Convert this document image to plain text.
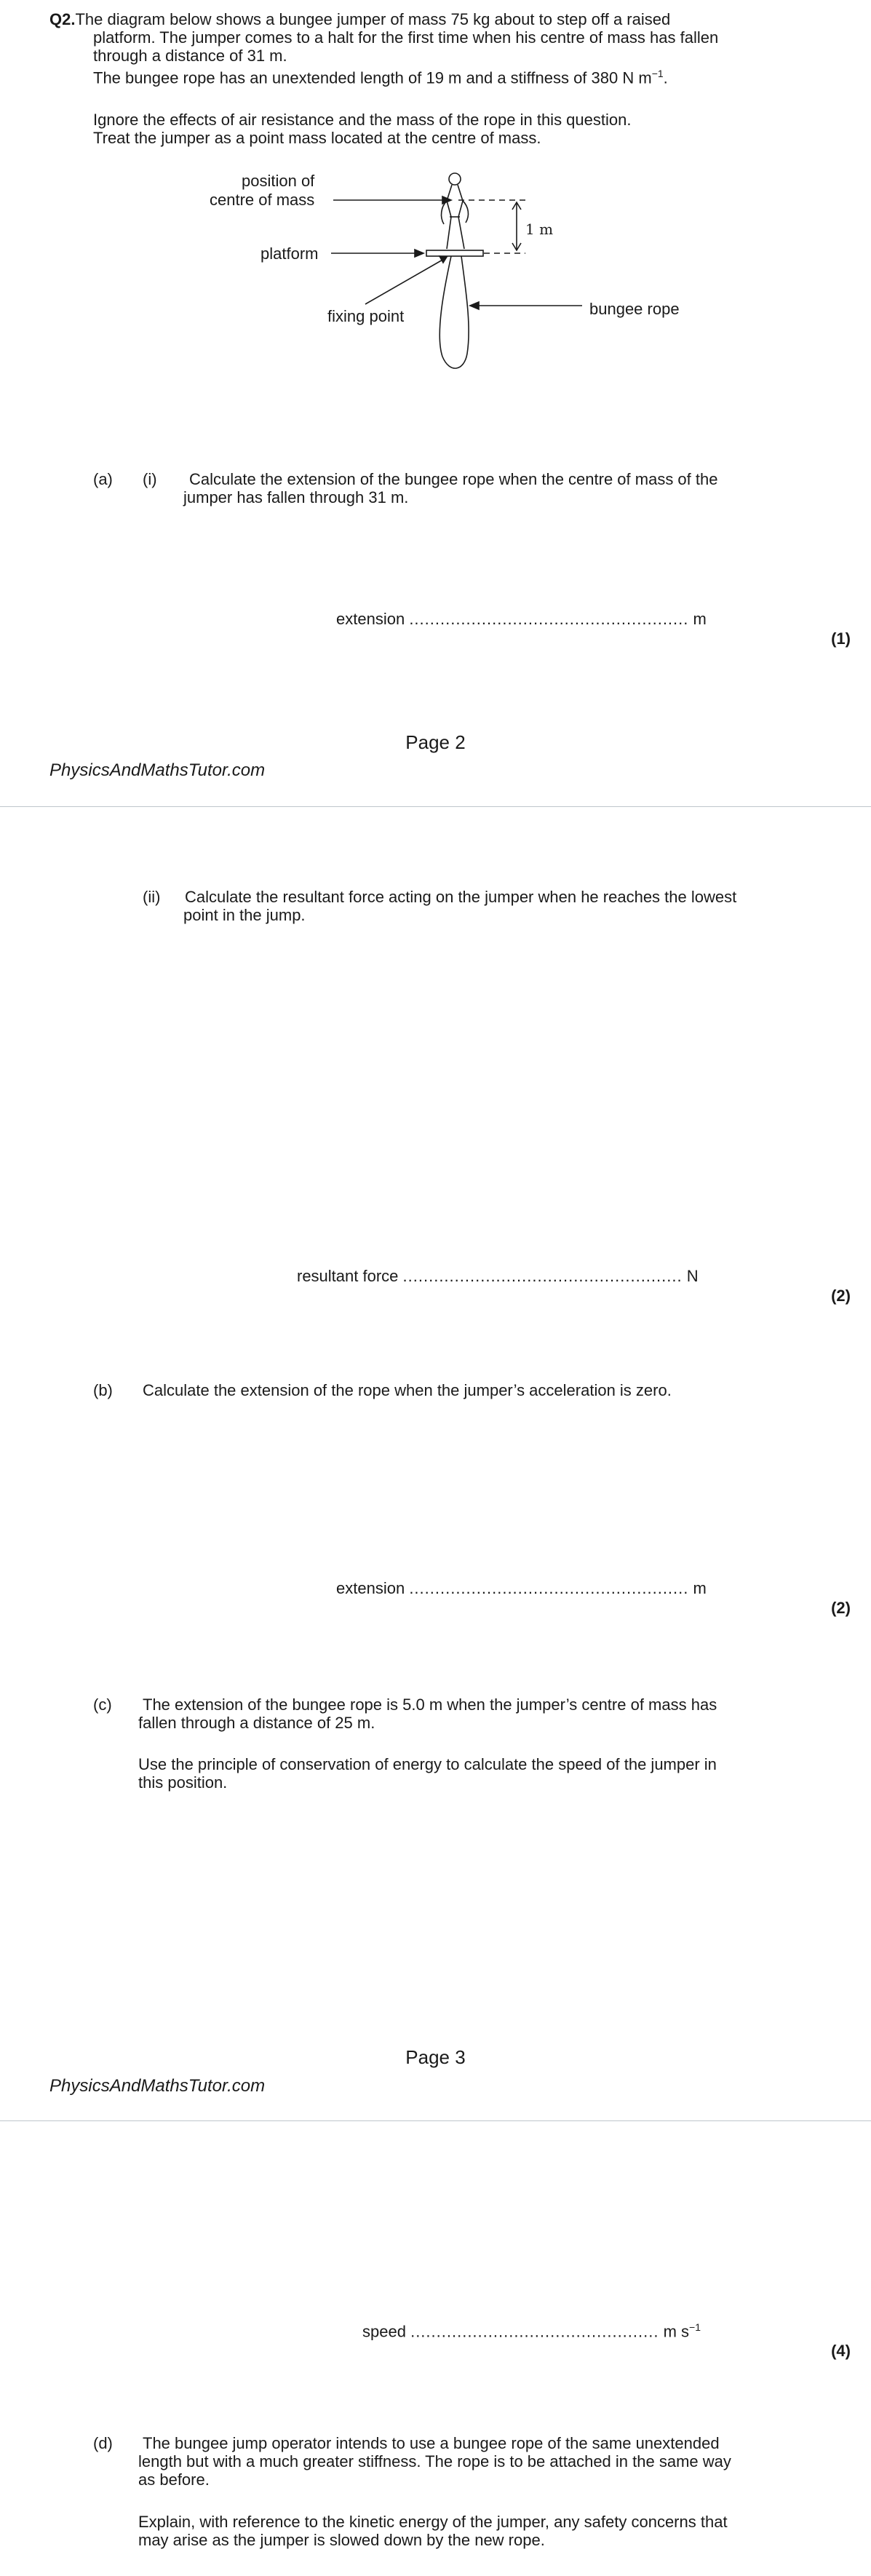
Q2.The diagram below shows a bungee jumper of mass 75 kg about to step off a raised
platform. The jumper comes to a halt for the first time when his centre of mass has fallen
through a distance of 31 m.
The bungee rope has an unextended length of 19 m and a stiffness of 380 N $m^{-1}$.
Ignore the effects of air resistance and the mass of the rope in this question.
Treat the jumper as a point mass located at the centre of mass.
position of
centre of mass
platform
fixing point	bungee rope
1 m
(a) (i) Calculate the extension of the bungee rope when the centre of mass of the
jumper has fallen through 31 m.
extension ...................................................... m
(1)
Page 2
PhysicsAndMathsTutor.com
(ii) Calculate the resultant force acting on the jumper when he reaches the lowest
point in the jump.
resultant force ...................................................... N
(2)
(b) Calculate the extension of the rope when the jumper’s acceleration is zero.
extension ...................................................... m
(2)
(c) The extension of the bungee rope is 5.0 m when the jumper’s centre of mass has
fallen through a distance of 25 m.
Use the principle of conservation of energy to calculate the speed of the jumper in
this position.
Page 3
PhysicsAndMathsTutor.com
speed ................................................ m $s^{-1}$
(4)
(d) The bungee jump operator intends to use a bungee rope of the same unextended
length but with a much greater stiffness. The rope is to be attached in the same way
as before.
Explain, with reference to the kinetic energy of the jumper, any safety concerns that
may arise as the jumper is slowed down by the new rope.
